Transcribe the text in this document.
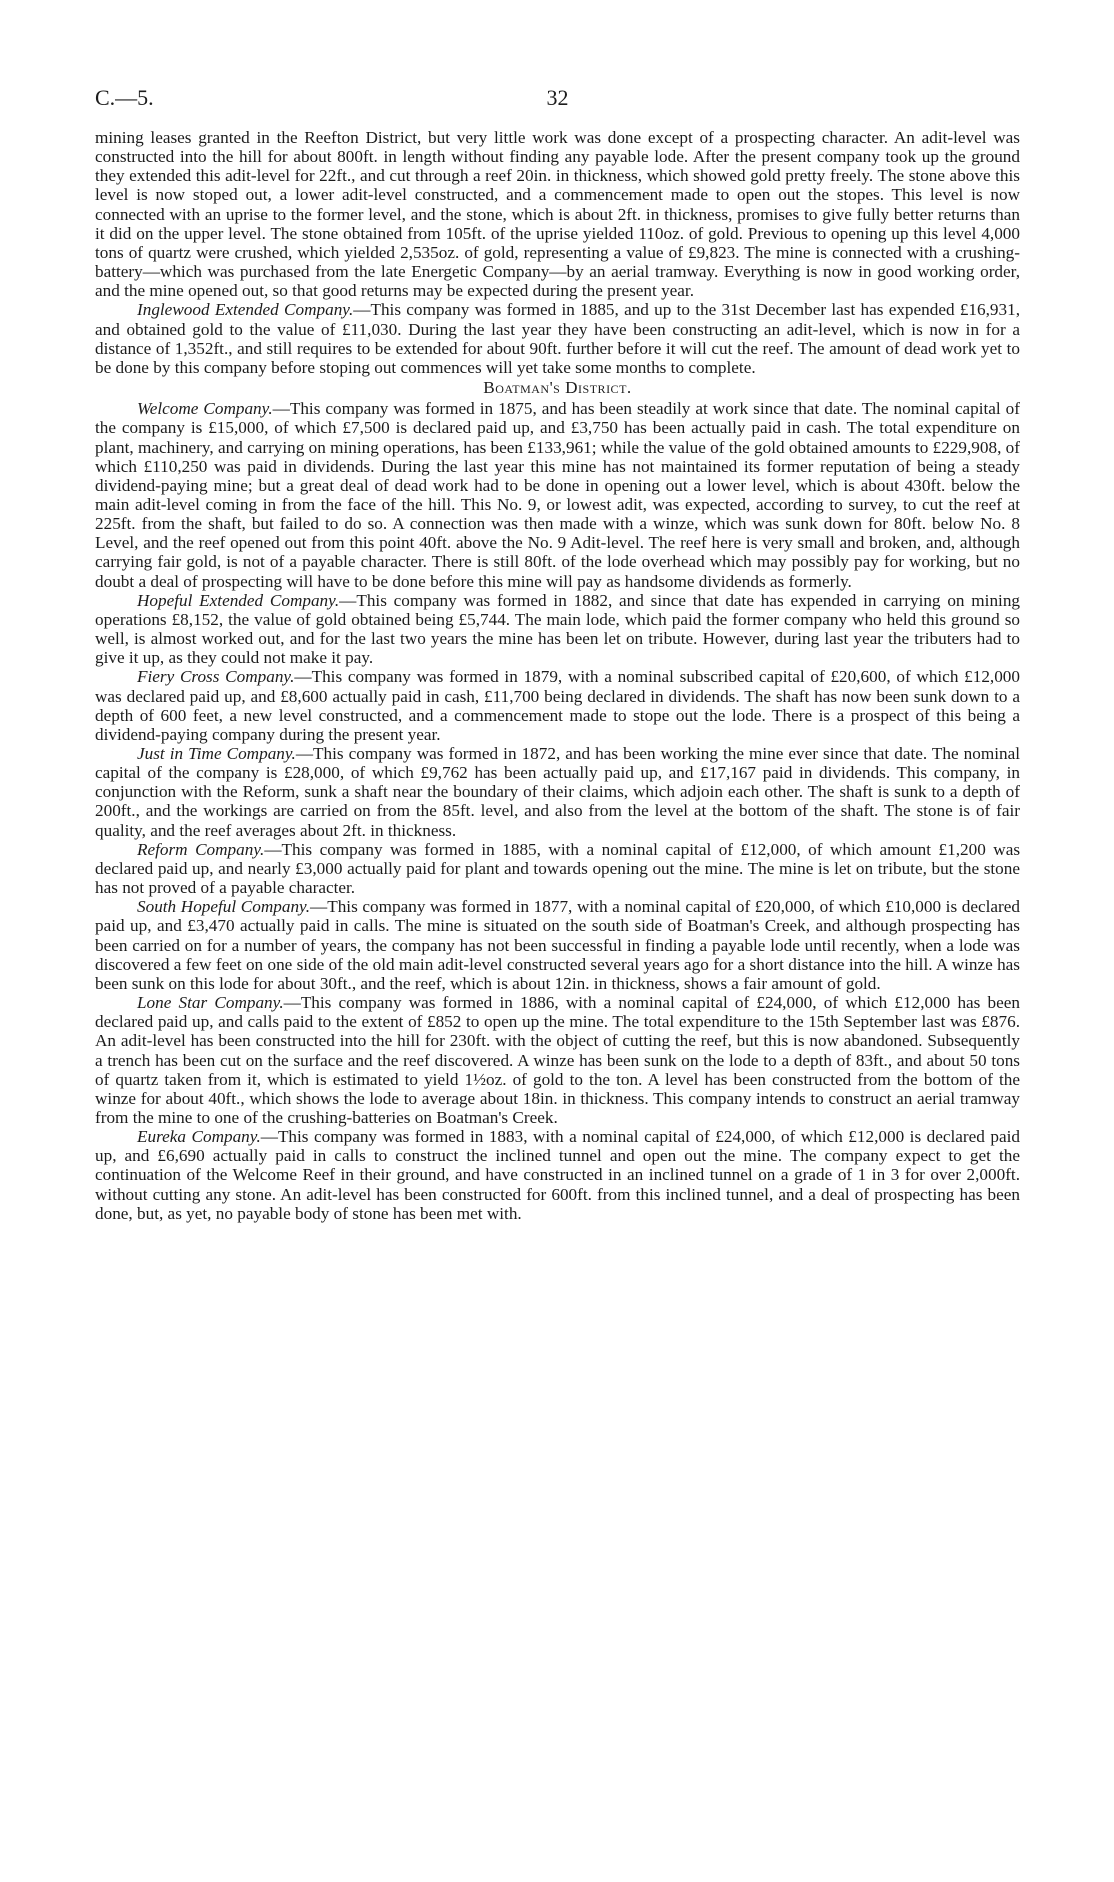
C.—5.	32

mining leases granted in the Reefton District, but very little work was done except of a prospecting character. An adit-level was constructed into the hill for about 800ft. in length without finding any payable lode. After the present company took up the ground they extended this adit-level for 22ft., and cut through a reef 20in. in thickness, which showed gold pretty freely. The stone above this level is now stoped out, a lower adit-level constructed, and a commencement made to open out the stopes. This level is now connected with an uprise to the former level, and the stone, which is about 2ft. in thickness, promises to give fully better returns than it did on the upper level. The stone obtained from 105ft. of the uprise yielded 110oz. of gold. Previous to opening up this level 4,000 tons of quartz were crushed, which yielded 2,535oz. of gold, representing a value of £9,823. The mine is connected with a crushing-battery—which was purchased from the late Energetic Company—by an aerial tramway. Everything is now in good working order, and the mine opened out, so that good returns may be expected during the present year.

Inglewood Extended Company.—This company was formed in 1885, and up to the 31st December last has expended £16,931, and obtained gold to the value of £11,030. During the last year they have been constructing an adit-level, which is now in for a distance of 1,352ft., and still requires to be extended for about 90ft. further before it will cut the reef. The amount of dead work yet to be done by this company before stoping out commences will yet take some months to complete.

Boatman's District.

Welcome Company.—This company was formed in 1875, and has been steadily at work since that date. The nominal capital of the company is £15,000, of which £7,500 is declared paid up, and £3,750 has been actually paid in cash. The total expenditure on plant, machinery, and carrying on mining operations, has been £133,961; while the value of the gold obtained amounts to £229,908, of which £110,250 was paid in dividends. During the last year this mine has not maintained its former reputation of being a steady dividend-paying mine; but a great deal of dead work had to be done in opening out a lower level, which is about 430ft. below the main adit-level coming in from the face of the hill. This No. 9, or lowest adit, was expected, according to survey, to cut the reef at 225ft. from the shaft, but failed to do so. A connection was then made with a winze, which was sunk down for 80ft. below No. 8 Level, and the reef opened out from this point 40ft. above the No. 9 Adit-level. The reef here is very small and broken, and, although carrying fair gold, is not of a payable character. There is still 80ft. of the lode overhead which may possibly pay for working, but no doubt a deal of prospecting will have to be done before this mine will pay as handsome dividends as formerly.

Hopeful Extended Company.—This company was formed in 1882, and since that date has expended in carrying on mining operations £8,152, the value of gold obtained being £5,744. The main lode, which paid the former company who held this ground so well, is almost worked out, and for the last two years the mine has been let on tribute. However, during last year the tributers had to give it up, as they could not make it pay.

Fiery Cross Company.—This company was formed in 1879, with a nominal subscribed capital of £20,600, of which £12,000 was declared paid up, and £8,600 actually paid in cash, £11,700 being declared in dividends. The shaft has now been sunk down to a depth of 600 feet, a new level constructed, and a commencement made to stope out the lode. There is a prospect of this being a dividend-paying company during the present year.

Just in Time Company.—This company was formed in 1872, and has been working the mine ever since that date. The nominal capital of the company is £28,000, of which £9,762 has been actually paid up, and £17,167 paid in dividends. This company, in conjunction with the Reform, sunk a shaft near the boundary of their claims, which adjoin each other. The shaft is sunk to a depth of 200ft., and the workings are carried on from the 85ft. level, and also from the level at the bottom of the shaft. The stone is of fair quality, and the reef averages about 2ft. in thickness.

Reform Company.—This company was formed in 1885, with a nominal capital of £12,000, of which amount £1,200 was declared paid up, and nearly £3,000 actually paid for plant and towards opening out the mine. The mine is let on tribute, but the stone has not proved of a payable character.

South Hopeful Company.—This company was formed in 1877, with a nominal capital of £20,000, of which £10,000 is declared paid up, and £3,470 actually paid in calls. The mine is situated on the south side of Boatman's Creek, and although prospecting has been carried on for a number of years, the company has not been successful in finding a payable lode until recently, when a lode was discovered a few feet on one side of the old main adit-level constructed several years ago for a short distance into the hill. A winze has been sunk on this lode for about 30ft., and the reef, which is about 12in. in thickness, shows a fair amount of gold.

Lone Star Company.—This company was formed in 1886, with a nominal capital of £24,000, of which £12,000 has been declared paid up, and calls paid to the extent of £852 to open up the mine. The total expenditure to the 15th September last was £876. An adit-level has been constructed into the hill for 230ft. with the object of cutting the reef, but this is now abandoned. Subsequently a trench has been cut on the surface and the reef discovered. A winze has been sunk on the lode to a depth of 83ft., and about 50 tons of quartz taken from it, which is estimated to yield 1½oz. of gold to the ton. A level has been constructed from the bottom of the winze for about 40ft., which shows the lode to average about 18in. in thickness. This company intends to construct an aerial tramway from the mine to one of the crushing-batteries on Boatman's Creek.

Eureka Company.—This company was formed in 1883, with a nominal capital of £24,000, of which £12,000 is declared paid up, and £6,690 actually paid in calls to construct the inclined tunnel and open out the mine. The company expect to get the continuation of the Welcome Reef in their ground, and have constructed in an inclined tunnel on a grade of 1 in 3 for over 2,000ft. without cutting any stone. An adit-level has been constructed for 600ft. from this inclined tunnel, and a deal of prospecting has been done, but, as yet, no payable body of stone has been met with.
